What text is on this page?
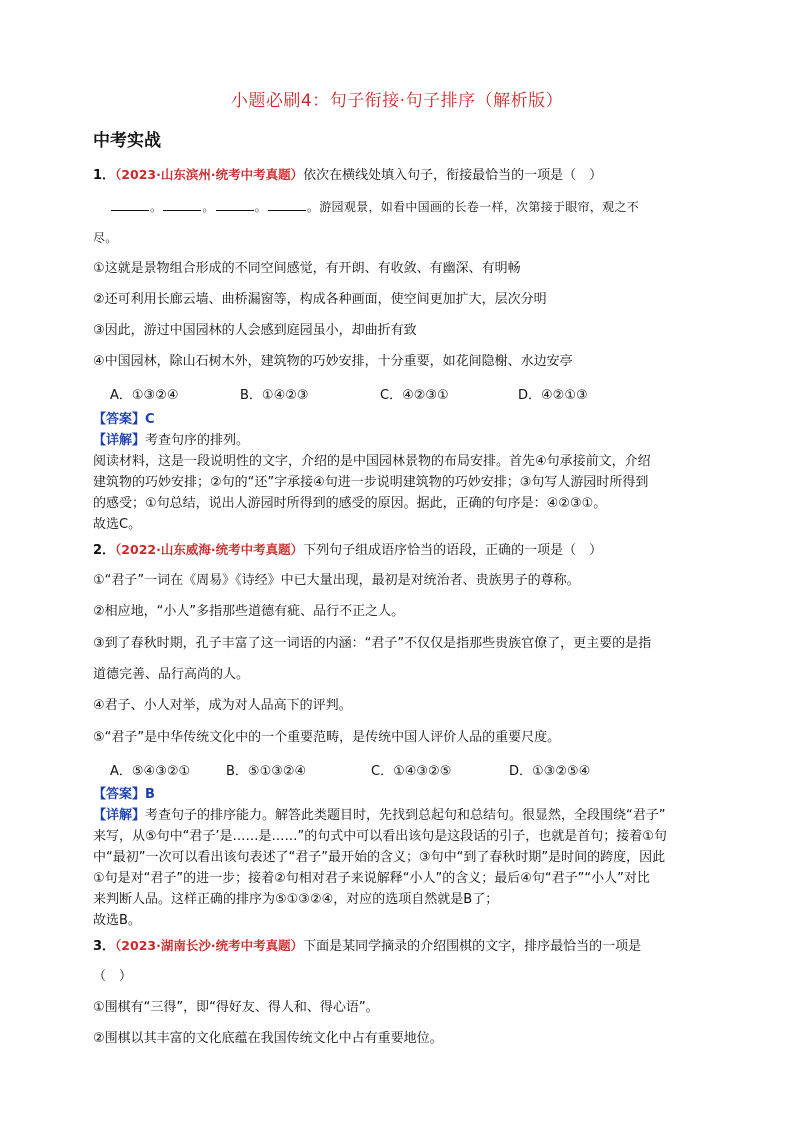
小题必刷4：句子衔接·句子排序（解析版）
中考实战
1．（2023·山东滨州·统考中考真题）依次在横线处填入句子，衔接最恰当的一项是（　）
。	。	。	。游园观景，如看中国画的长卷一样，次第接于眼帘，观之不
尽。
①这就是景物组合形成的不同空间感觉，有开朗、有收敛、有幽深、有明畅
②还可利用长廊云墙、曲桥漏窗等，构成各种画面，使空间更加扩大，层次分明
③因此，游过中国园林的人会感到庭园虽小，却曲折有致
④中国园林，除山石树木外，建筑物的巧妙安排，十分重要，如花间隐榭、水边安亭
A．①③②④	B．①④②③	C．④②③①	D．④②①③
【答案】C
【详解】考查句序的排列。
阅读材料，这是一段说明性的文字，介绍的是中国园林景物的布局安排。首先④句承接前文，介绍
建筑物的巧妙安排；②句的“还”字承接④句进一步说明建筑物的巧妙安排；③句写人游园时所得到
的感受；①句总结，说出人游园时所得到的感受的原因。据此，正确的句序是：④②③①。
故选C。
2．（2022·山东威海·统考中考真题）下列句子组成语序恰当的语段，正确的一项是（　）
①“君子”一词在《周易》《诗经》中已大量出现，最初是对统治者、贵族男子的尊称。
②相应地，“小人”多指那些道德有疵、品行不正之人。
③到了春秋时期，孔子丰富了这一词语的内涵：“君子”不仅仅是指那些贵族官僚了，更主要的是指
道德完善、品行高尚的人。
④君子、小人对举，成为对人品高下的评判。
⑤“君子”是中华传统文化中的一个重要范畴，是传统中国人评价人品的重要尺度。
A．⑤④③②①	B．⑤①③②④	C．①④③②⑤	D．①③②⑤④
【答案】B
【详解】考查句子的排序能力。解答此类题目时，先找到总起句和总结句。很显然，全段围绕“君子”
来写，从⑤句中“君子’是……是……”的句式中可以看出该句是这段话的引子，也就是首句；接着①句
中“最初”一次可以看出该句表述了“君子”最开始的含义；③句中“到了春秋时期”是时间的跨度，因此
①句是对“君子”的进一步；接着②句相对君子来说解释“小人”的含义；最后④句“君子”“小人”对比
来判断人品。这样正确的排序为⑤①③②④，对应的选项自然就是B了；
故选B。
3．（2023·湖南长沙·统考中考真题）下面是某同学摘录的介绍围棋的文字，排序最恰当的一项是
（　）
①围棋有“三得”，即“得好友、得人和、得心语”。
②围棋以其丰富的文化底蕴在我国传统文化中占有重要地位。
